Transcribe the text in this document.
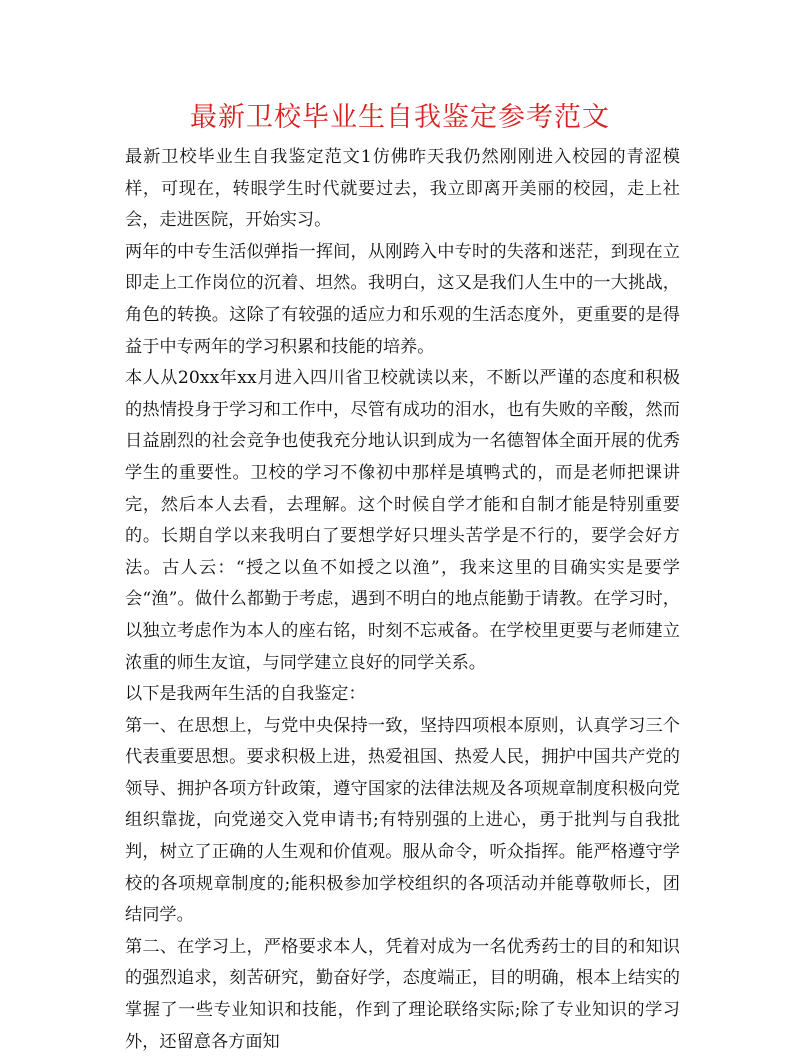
最新卫校毕业生自我鉴定参考范文

最新卫校毕业生自我鉴定范文1仿佛昨天我仍然刚刚进入校园的青涩模样，可现在，转眼学生时代就要过去，我立即离开美丽的校园，走上社会，走进医院，开始实习。

两年的中专生活似弹指一挥间，从刚跨入中专时的失落和迷茫，到现在立即走上工作岗位的沉着、坦然。我明白，这又是我们人生中的一大挑战，角色的转换。这除了有较强的适应力和乐观的生活态度外，更重要的是得益于中专两年的学习积累和技能的培养。

本人从20xx年xx月进入四川省卫校就读以来，不断以严谨的态度和积极的热情投身于学习和工作中，尽管有成功的泪水，也有失败的辛酸，然而日益剧烈的社会竞争也使我充分地认识到成为一名德智体全面开展的优秀学生的重要性。卫校的学习不像初中那样是填鸭式的，而是老师把课讲完，然后本人去看，去理解。这个时候自学才能和自制才能是特别重要的。长期自学以来我明白了要想学好只埋头苦学是不行的，要学会好方法。古人云：“授之以鱼不如授之以渔”，我来这里的目确实实是要学会“渔”。做什么都勤于考虑，遇到不明白的地点能勤于请教。在学习时，以独立考虑作为本人的座右铭，时刻不忘戒备。在学校里更要与老师建立浓重的师生友谊，与同学建立良好的同学关系。

以下是我两年生活的自我鉴定：

第一、在思想上，与党中央保持一致，坚持四项根本原则，认真学习三个代表重要思想。要求积极上进，热爱祖国、热爱人民，拥护中国共产党的领导、拥护各项方针政策，遵守国家的法律法规及各项规章制度积极向党组织靠拢，向党递交入党申请书;有特别强的上进心，勇于批判与自我批判，树立了正确的人生观和价值观。服从命令，听众指挥。能严格遵守学校的各项规章制度的;能积极参加学校组织的各项活动并能尊敬师长，团结同学。

第二、在学习上，严格要求本人，凭着对成为一名优秀药士的目的和知识的强烈追求，刻苦研究，勤奋好学，态度端正，目的明确，根本上结实的掌握了一些专业知识和技能，作到了理论联络实际;除了专业知识的学习外，还留意各方面知
